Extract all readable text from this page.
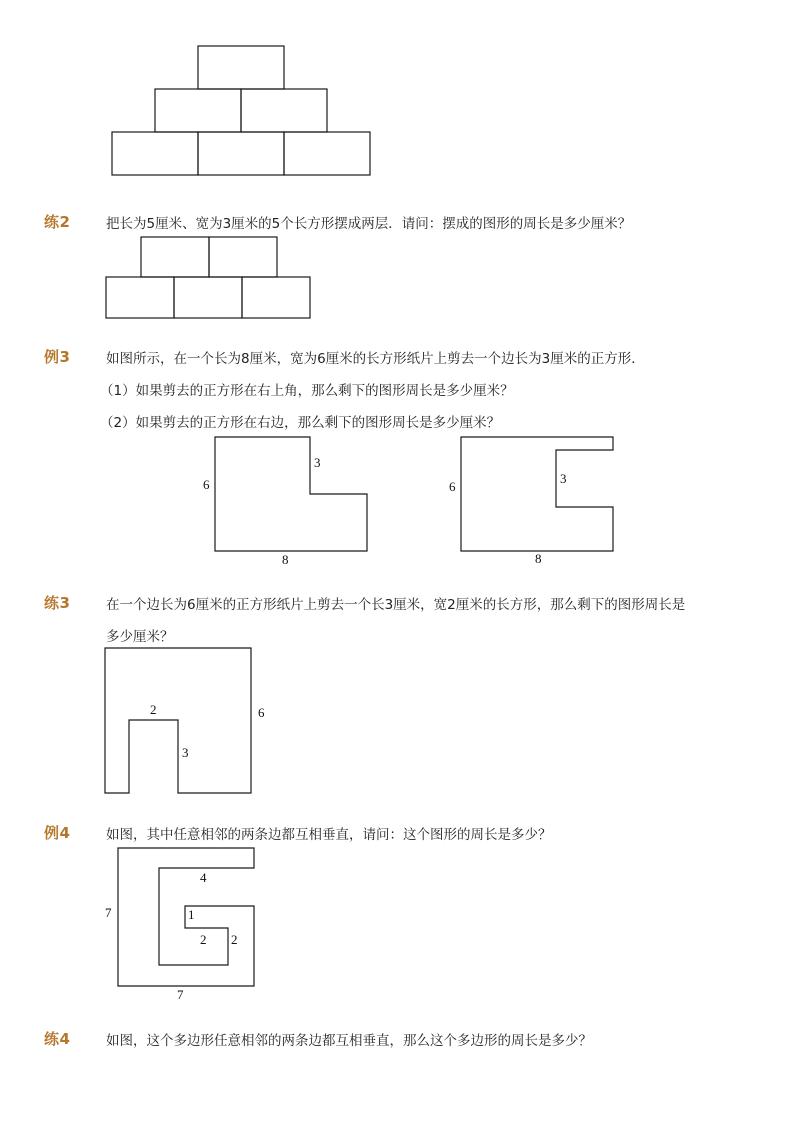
练2	把长为5厘米、宽为3厘米的5个长方形摆成两层．请问：摆成的图形的周长是多少厘米？
例3	如图所示，在一个长为8厘米，宽为6厘米的长方形纸片上剪去一个边长为3厘米的正方形．
（1）如果剪去的正方形在右上角，那么剩下的图形周长是多少厘米？
（2）如果剪去的正方形在右边，那么剩下的图形周长是多少厘米？
6
3
8
6
3
8
练3	在一个边长为6厘米的正方形纸片上剪去一个长3厘米，宽2厘米的长方形，那么剩下的图形周长是
多少厘米？
2
3
6
例4	如图，其中任意相邻的两条边都互相垂直，请问：这个图形的周长是多少？
4
7	1
2 2
7
练4	如图，这个多边形任意相邻的两条边都互相垂直，那么这个多边形的周长是多少？
